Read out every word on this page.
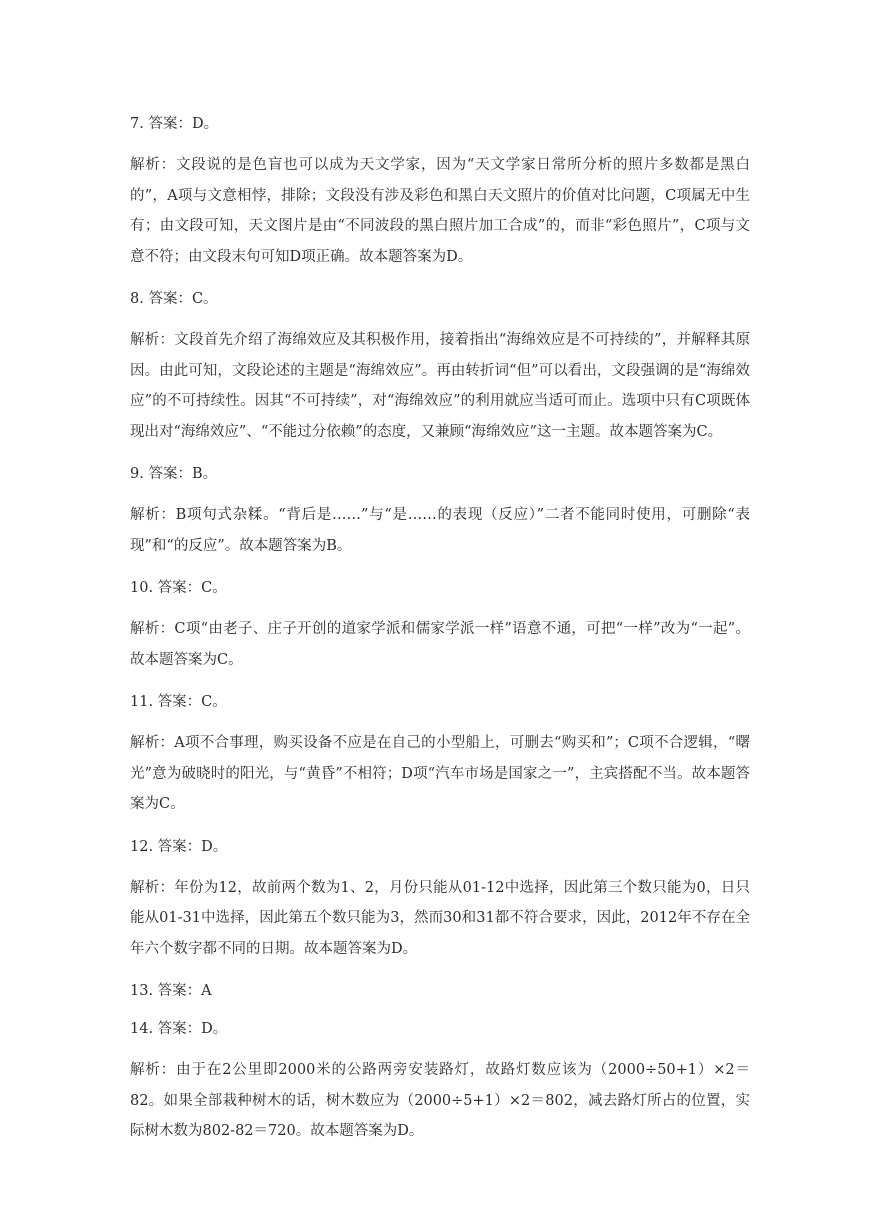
7. 答案：D。

解析：文段说的是色盲也可以成为天文学家，因为“天文学家日常所分析的照片多数都是黑白的”，A项与文意相悖，排除；文段没有涉及彩色和黑白天文照片的价值对比问题，C项属无中生有；由文段可知，天文图片是由“不同波段的黑白照片加工合成”的，而非“彩色照片”，C项与文意不符；由文段末句可知D项正确。故本题答案为D。

8. 答案：C。

解析：文段首先介绍了海绵效应及其积极作用，接着指出“海绵效应是不可持续的”，并解释其原因。由此可知，文段论述的主题是“海绵效应”。再由转折词“但”可以看出，文段强调的是“海绵效应”的不可持续性。因其“不可持续”，对“海绵效应”的利用就应当适可而止。选项中只有C项既体现出对“海绵效应”、“不能过分依赖”的态度，又兼顾“海绵效应”这一主题。故本题答案为C。

9. 答案：B。

解析：B项句式杂糅。“背后是……”与“是……的表现（反应）”二者不能同时使用，可删除“表现”和“的反应”。故本题答案为B。

10. 答案：C。

解析：C项“由老子、庄子开创的道家学派和儒家学派一样”语意不通，可把“一样”改为“一起”。故本题答案为C。

11. 答案：C。

解析：A项不合事理，购买设备不应是在自己的小型船上，可删去“购买和”；C项不合逻辑，“曙光”意为破晓时的阳光，与“黄昏”不相符；D项“汽车市场是国家之一”，主宾搭配不当。故本题答案为C。

12. 答案：D。

解析：年份为12，故前两个数为1、2，月份只能从01-12中选择，因此第三个数只能为0，日只能从01-31中选择，因此第五个数只能为3，然而30和31都不符合要求，因此，2012年不存在全年六个数字都不同的日期。故本题答案为D。

13. 答案：A

14. 答案：D。

解析：由于在2公里即2000米的公路两旁安装路灯，故路灯数应该为（2000÷50+1）×2＝82。如果全部栽种树木的话，树木数应为（2000÷5+1）×2＝802，减去路灯所占的位置，实际树木数为802-82＝720。故本题答案为D。
